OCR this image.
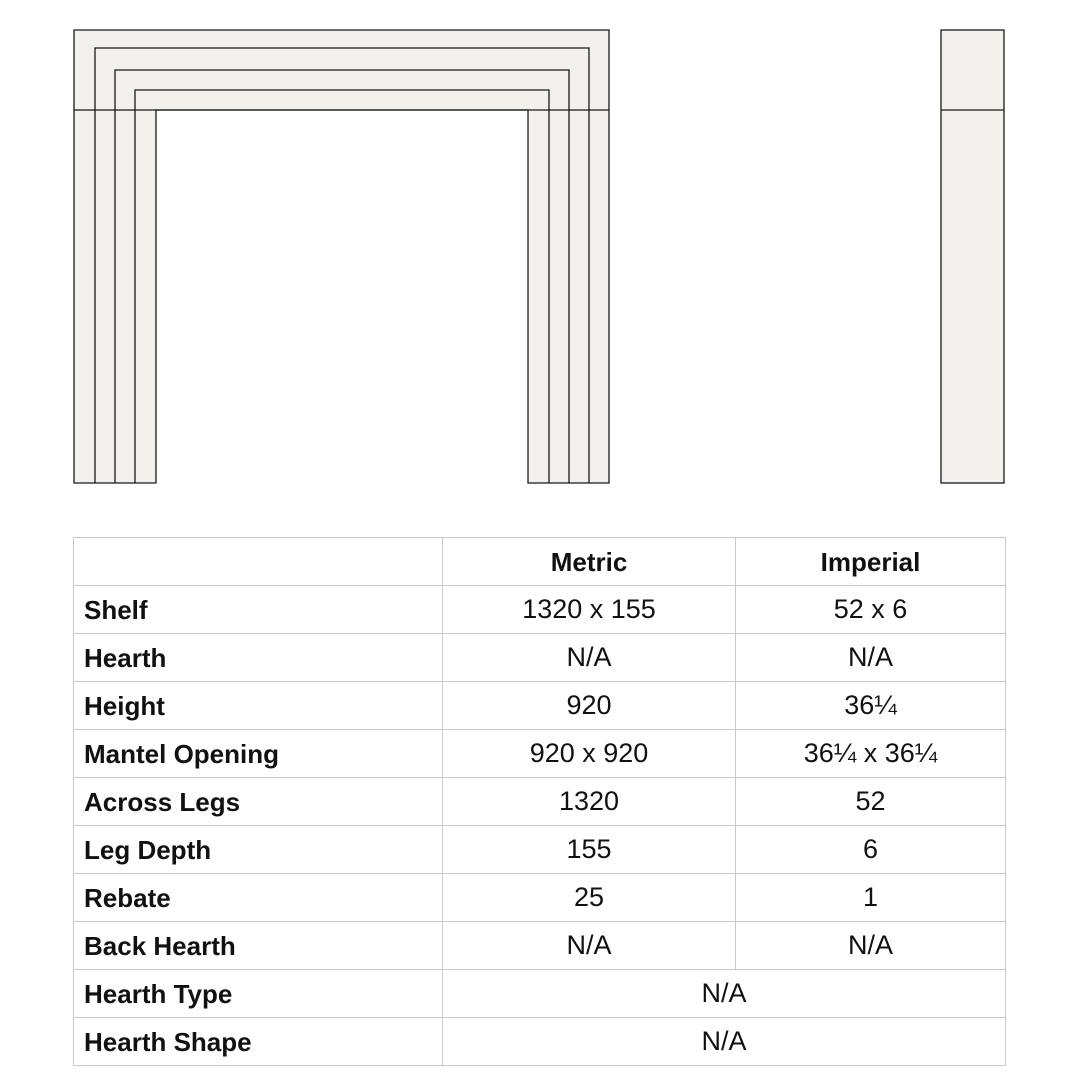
	Metric	Imperial
Shelf	1320 x 155	52 x 6
Hearth	N/A	N/A
Height	920	36¼
Mantel Opening	920 x 920	36¼ x 36¼
Across Legs	1320	52
Leg Depth	155	6
Rebate	25	1
Back Hearth	N/A	N/A
Hearth Type	N/A	
Hearth Shape	N/A	
